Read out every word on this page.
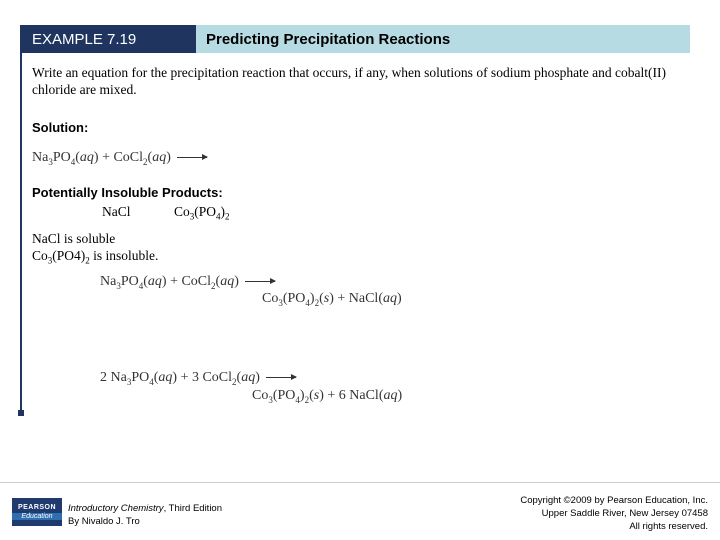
EXAMPLE 7.19	Predicting Precipitation Reactions
Write an equation for the precipitation reaction that occurs, if any, when solutions of sodium phosphate and cobalt(II) chloride are mixed.
Solution:
$Na_3PO_4(aq)$ + CoCl$_2$(aq)
Potentially Insoluble Products:
NaCl	$Co_3(PO_4)_2$
NaCl is soluble
$Co_3(PO4)_2$ is insoluble.
$Na_3PO_4(aq)$ + CoCl$_2$(aq)
$Co_3(PO_4)_2(s)$ + NaCl(aq)
2 $Na_3PO_4(aq) + 3$ CoCl$_2$(aq)
$Co_3(PO_4)_2(s) + 6$ NaCl(aq)
PEARSON
Education
Introductory Chemistry, Third Edition
By Nivaldo J. Tro
Copyright ©2009 by Pearson Education, Inc.
Upper Saddle River, New Jersey 07458
All rights reserved.
